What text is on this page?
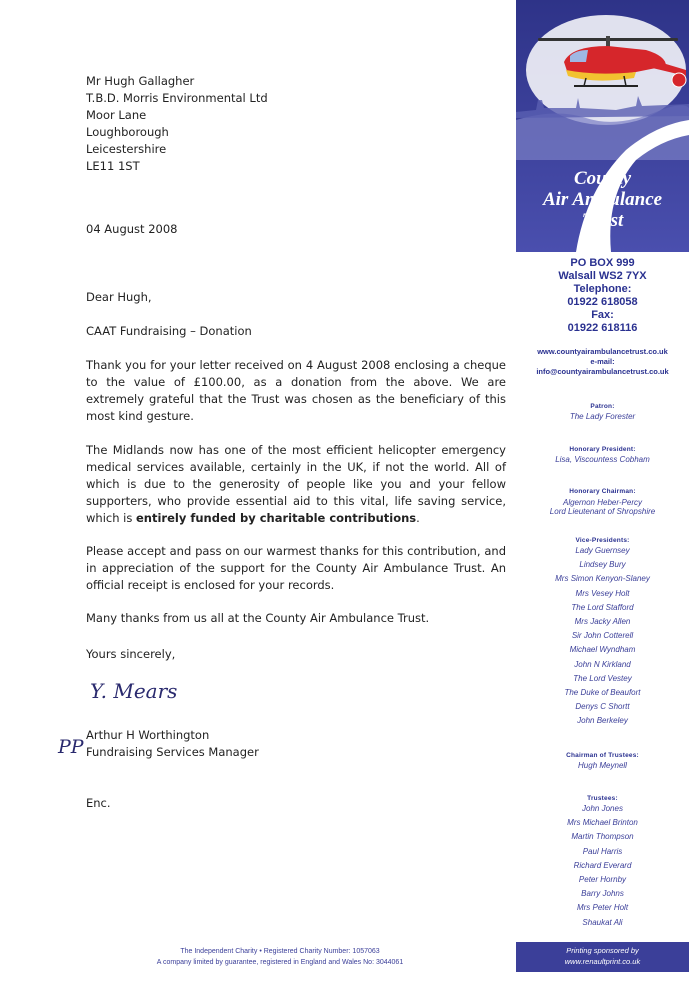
Mr Hugh Gallagher
T.B.D. Morris Environmental Ltd
Moor Lane
Loughborough
Leicestershire
LE11 1ST
04 August 2008
Dear Hugh,
CAAT Fundraising – Donation
Thank you for your letter received on 4 August 2008 enclosing a cheque to the value of £100.00, as a donation from the above. We are extremely grateful that the Trust was chosen as the beneficiary of this most kind gesture.
The Midlands now has one of the most efficient helicopter emergency medical services available, certainly in the UK, if not the world. All of which is due to the generosity of people like you and your fellow supporters, who provide essential aid to this vital, life saving service, which is entirely funded by charitable contributions.
Please accept and pass on our warmest thanks for this contribution, and in appreciation of the support for the County Air Ambulance Trust. An official receipt is enclosed for your records.
Many thanks from us all at the County Air Ambulance Trust.
Yours sincerely,
Y. Mears
Arthur H Worthington
Fundraising Services Manager
Enc.
PP
County
Air Ambulance
Trust
PO BOX 999
Walsall WS2 7YX
Telephone:
01922 618058
Fax:
01922 618116
www.countyairambulancetrust.co.uk
e-mail:
info@countyairambulancetrust.co.uk
Patron:
The Lady Forester
Honorary President:
Lisa, Viscountess Cobham
Honorary Chairman:
Algernon Heber-Percy
Lord Lieutenant of Shropshire
Vice-Presidents:
Lady Guernsey
Lindsey Bury
Mrs Simon Kenyon-Slaney
Mrs Vesey Holt
The Lord Stafford
Mrs Jacky Allen
Sir John Cotterell
Michael Wyndham
John N Kirkland
The Lord Vestey
The Duke of Beaufort
Denys C Shortt
John Berkeley
Chairman of Trustees:
Hugh Meynell
Trustees:
John Jones
Mrs Michael Brinton
Martin Thompson
Paul Harris
Richard Everard
Peter Hornby
Barry Johns
Mrs Peter Holt
Shaukat Ali
Printing sponsored by
www.renaultprint.co.uk
The Independent Charity • Registered Charity Number: 1057063
A company limited by guarantee, registered in England and Wales No: 3044061
